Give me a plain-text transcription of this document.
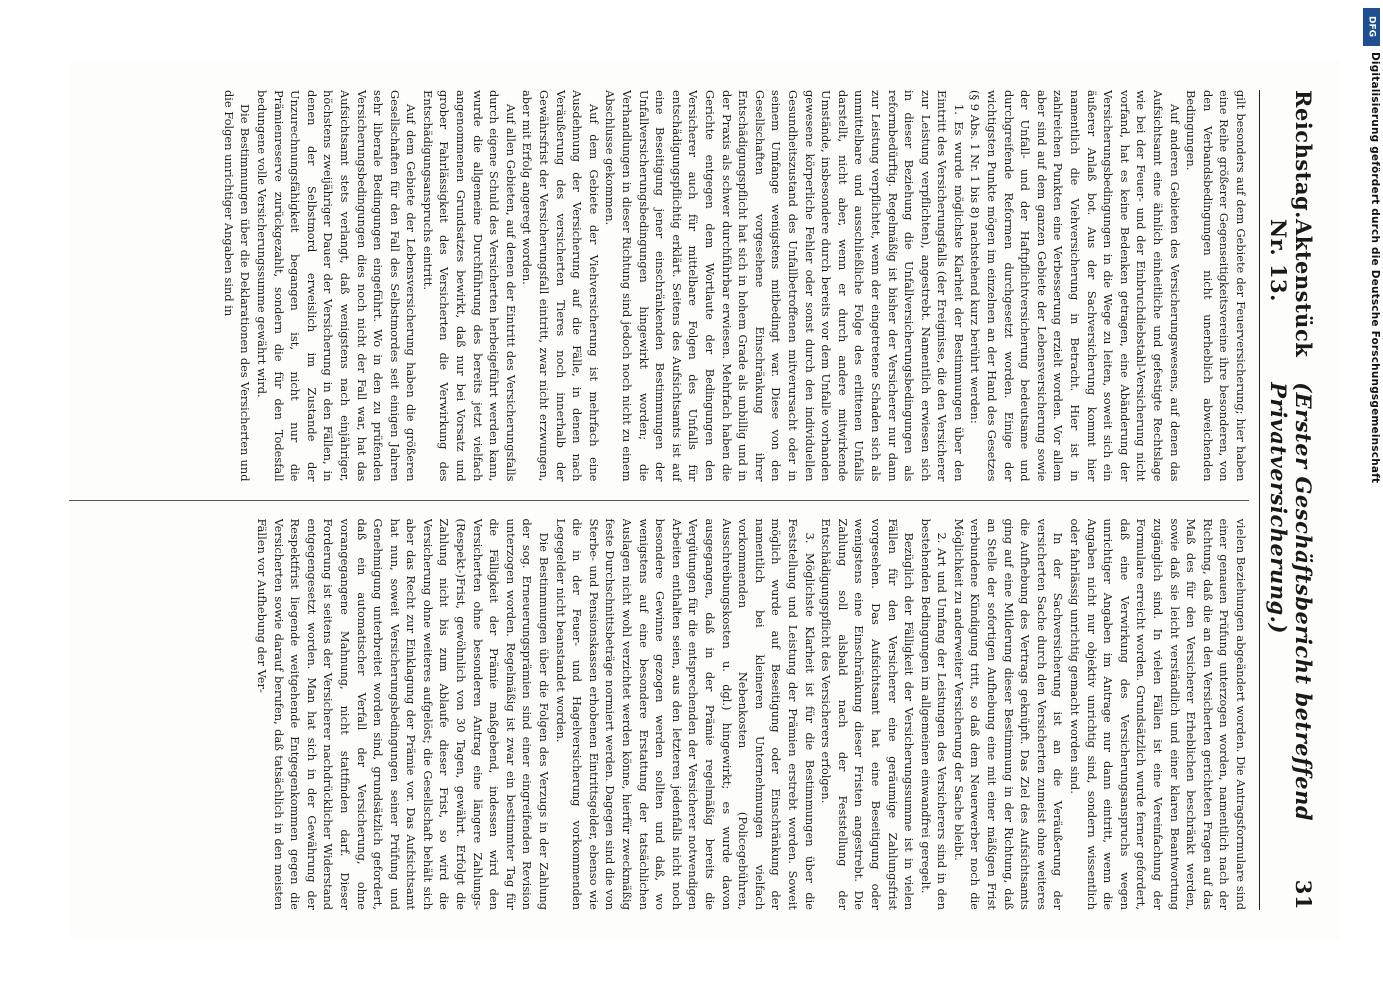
Reichstag.
Aktenstück Nr. 13.
(Erster Geschäftsbericht betreffend Privatversicherung.)
31

gilt besonders auf dem Gebiete der Feuerversicherung; hier haben eine Reihe größerer Gegenseitigkeitsvereine ihre besonderen, von den Verbandsbedingungen nicht unerheblich abweichenden Bedingungen.

Auf anderen Gebieten des Versicherungswesens, auf denen das Aufsichtsamt eine ähnlich einheitliche und gefestigte Rechtslage wie bei der Feuer- und der Einbruchdiebstahl-Versicherung nicht vorfand, hat es keine Bedenken getragen, eine Abänderung der Versicherungsbedingungen in die Wege zu leiten, soweit sich ein äußerer Anlaß bot. Aus der Sachversicherung kommt hier namentlich die Viehversicherung in Betracht. Hier ist in zahlreichen Punkten eine Verbesserung erzielt worden. Vor allem aber sind auf dem ganzen Gebiete der Lebensversicherung sowie der Unfall- und der Haftpflichtversicherung bedeutsame und durchgreifende Reformen durchgesetzt worden. Einige der wichtigsten Punkte mögen im einzelnen an der Hand des Gesetzes (§ 9 Abs. 1 Nr. 1 bis 8) nachstehend kurz berührt werden:

1. Es wurde möglichste Klarheit der Bestimmungen über den Eintritt des Versicherungsfalls (der Ereignisse, die den Versicherer zur Leistung verpflichten), angestrebt. Namentlich erwiesen sich in dieser Beziehung die Unfallversicherungsbedingungen als reformbedürftig. Regelmäßig ist bisher der Versicherer nur dann zur Leistung verpflichtet, wenn der eingetretene Schaden sich als unmittelbare und ausschließliche Folge des erlittenen Unfalls darstellt, nicht aber, wenn er durch andere mitwirkende Umstände, insbesondere durch bereits vor dem Unfalle vorhanden gewesene körperliche Fehler oder sonst durch den individuellen Gesundheitszustand des Unfallbetroffenen mitverursacht oder in seinem Umfange wenigstens mitbedingt war. Diese von den Gesellschaften vorgesehene Einschränkung ihrer Entschädigungspflicht hat sich in hohem Grade als unbillig und in der Praxis als schwer durchführbar erwiesen. Mehrfach haben die Gerichte entgegen dem Wortlaute der Bedingungen den Versicherer auch für mittelbare Folgen des Unfalls für entschädigungspflichtig erklärt. Seitens des Aufsichtsamts ist auf eine Beseitigung jener einschränkenden Bestimmungen der Unfallversicherungsbedingungen hingewirkt worden; die Verhandlungen in dieser Richtung sind jedoch noch nicht zu einem Abschlusse gekommen.

Auf dem Gebiete der Viehversicherung ist mehrfach eine Ausdehnung der Versicherung auf die Fälle, in denen nach Veräußerung des versicherten Tieres noch innerhalb der Gewährsfrist der Versicherungsfall eintritt, zwar nicht erzwungen, aber mit Erfolg angeregt worden.

Auf allen Gebieten, auf denen der Eintritt des Versicherungsfalls durch eigene Schuld des Versicherten herbeigeführt werden kann, wurde die allgemeine Durchführung des bereits jetzt vielfach angenommenen Grundsatzes bewirkt, daß nur bei Vorsatz und grober Fahrlässigkeit des Versicherten die Verwirkung des Entschädigungsanspruchs eintritt.

Auf dem Gebiete der Lebensversicherung haben die größeren Gesellschaften für den Fall des Selbstmordes seit einigen Jahren sehr liberale Bedingungen eingeführt. Wo in den zu prüfenden Versicherungsbedingungen dies noch nicht der Fall war, hat das Aufsichtsamt stets verlangt, daß wenigstens nach einjähriger, höchstens zweijähriger Dauer der Versicherung in den Fällen, in denen der Selbstmord erweislich im Zustande der Unzurechnungsfähigkeit begangen ist, nicht nur die Prämienreserve zurückgezahlt, sondern die für den Todesfall bedungene volle Versicherungssumme gewährt wird.

Die Bestimmungen über die Deklarationen des Versicherten und die Folgen unrichtiger Angaben sind in

vielen Beziehungen abgeändert worden. Die Antragsformulare sind einer genauen Prüfung unterzogen worden, namentlich nach der Richtung, daß die an den Versicherten gerichteten Fragen auf das Maß des für den Versicherer Erheblichen beschränkt werden, sowie daß sie leicht verständlich und einer klaren Beantwortung zugänglich sind. In vielen Fällen ist eine Vereinfachung der Formulare erreicht worden. Grundsätzlich wurde ferner gefordert, daß eine Verwirkung des Versicherungsanspruchs wegen unrichtiger Angaben im Antrage nur dann eintritt, wenn die Angaben nicht nur objektiv unrichtig sind, sondern wissentlich oder fahrlässig unrichtig gemacht worden sind.

In der Sachversicherung ist an die Veräußerung der versicherten Sache durch den Versicherten zumeist ohne weiteres die Aufhebung des Vertrags geknüpft. Das Ziel des Aufsichtsamts ging auf eine Milderung dieser Bestimmung in der Richtung, daß an Stelle der sofortigen Aufhebung eine mit einer mäßigen Frist verbundene Kündigung tritt, so daß dem Neuerwerber noch die Möglichkeit zu anderweiter Versicherung der Sache bleibt.

2. Art und Umfang der Leistungen des Versicherers sind in den bestehenden Bedingungen im allgemeinen einwandfrei geregelt.

Bezüglich der Fälligkeit der Versicherungssumme ist in vielen Fällen für den Versicherer eine geräumige Zahlungsfrist vorgesehen. Das Aufsichtsamt hat eine Beseitigung oder wenigstens eine Einschränkung dieser Fristen angestrebt. Die Zahlung soll alsbald nach der Feststellung der Entschädigungspflicht des Versicherers erfolgen.

3. Möglichste Klarheit ist für die Bestimmungen über die Feststellung und Leistung der Prämien erstrebt worden. Soweit möglich wurde auf Beseitigung oder Einschränkung der namentlich bei kleineren Unternehmungen vielfach vorkommenden Nebenkosten (Policegebühren, Ausschreibungskosten u. dgl.) hingewirkt; es wurde davon ausgegangen, daß in der Prämie regelmäßig bereits die Vergütungen für die entsprechenden der Versicherer notwendigen Arbeiten enthalten seien, aus den letzteren jedenfalls nicht noch besondere Gewinne gezogen werden sollten und daß, wo wenigstens auf eine besondere Erstattung der tatsächlichen Auslagen nicht wohl verzichtet werden könne, hierfür zweckmäßig feste Durchschnittsbeträge normiert werden. Dagegen sind die von Sterbe- und Pensionskassen erhobenen Eintrittsgelder, ebenso wie die in der Feuer- und Hagelversicherung vorkommenden Legegelder nicht beanstandet worden.

Die Bestimmungen über die Folgen des Verzugs in der Zahlung der sog. Erneuerungsprämien sind einer eingreifenden Revision unterzogen worden. Regelmäßig ist zwar ein bestimmter Tag für die Fälligkeit der Prämie maßgebend, indessen wird den Versicherten ohne besonderen Antrag eine längere Zahlungs-(Respekt-)Frist, gewöhnlich von 30 Tagen, gewährt. Erfolgt die Zahlung nicht bis zum Ablaufe dieser Frist, so wird die Versicherung ohne weiteres aufgelöst; die Gesellschaft behält sich aber das Recht zur Einklagung der Prämie vor. Das Aufsichtsamt hat nun, soweit Versicherungsbedingungen seiner Prüfung und Genehmigung unterbreitet worden sind, grundsätzlich gefordert, daß ein automatischer Verfall der Versicherung, ohne vorangegangene Mahnung, nicht stattfinden darf. Dieser Forderung ist seitens der Versicherer nachdrücklicher Widerstand entgegengesetzt worden. Man hat sich in der Gewährung der Respektfrist liegende weitgehende Entgegenkommen gegen die Versicherten sowie darauf berufen, daß tatsächlich in den meisten Fällen vor Aufhebung der Ver-

DFG
Digitalisierung gefördert durch die Deutsche Forschungsgemeinschaft
